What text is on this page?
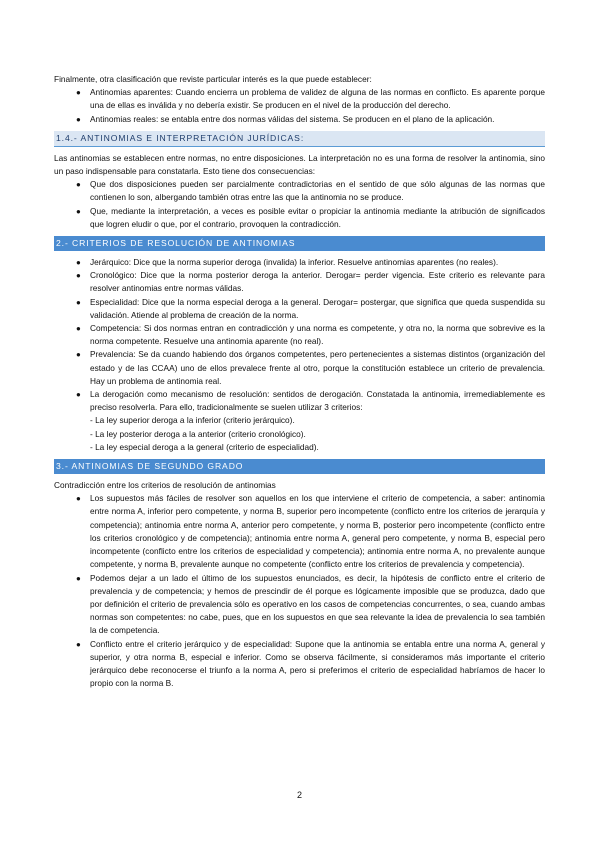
Finalmente, otra clasificación que reviste particular interés es la que puede establecer:

● Antinomias aparentes: Cuando encierra un problema de validez de alguna de las normas en conflicto. Es aparente porque una de ellas es inválida y no debería existir. Se producen en el nivel de la producción del derecho.
● Antinomias reales: se entabla entre dos normas válidas del sistema. Se producen en el plano de la aplicación.
1.4.- ANTINOMIAS E INTERPRETACIÓN JURÍDICAS:

Las antinomias se establecen entre normas, no entre disposiciones. La interpretación no es una forma de resolver la antinomia, sino un paso indispensable para constatarla. Esto tiene dos consecuencias:

● Que dos disposiciones pueden ser parcialmente contradictorias en el sentido de que sólo algunas de las normas que contienen lo son, albergando también otras entre las que la antinomia no se produce.
● Que, mediante la interpretación, a veces es posible evitar o propiciar la antinomia mediante la atribución de significados que logren eludir o que, por el contrario, provoquen la contradicción.
2.- CRITERIOS DE RESOLUCIÓN DE ANTINOMIAS
● Jerárquico: Dice que la norma superior deroga (invalida) la inferior. Resuelve antinomias aparentes (no reales).
● Cronológico: Dice que la norma posterior deroga la anterior. Derogar= perder vigencia. Este criterio es relevante para resolver antinomias entre normas válidas.
● Especialidad: Dice que la norma especial deroga a la general. Derogar= postergar, que significa que queda suspendida su validación. Atiende al problema de creación de la norma.
● Competencia: Si dos normas entran en contradicción y una norma es competente, y otra no, la norma que sobrevive es la norma competente. Resuelve una antinomia aparente (no real).
● Prevalencia: Se da cuando habiendo dos órganos competentes, pero pertenecientes a sistemas distintos (organización del estado y de las CCAA) uno de ellos prevalece frente al otro, porque la constitución establece un criterio de prevalencia. Hay un problema de antinomia real.
● La derogación como mecanismo de resolución: sentidos de derogación. Constatada la antinomia, irremediablemente es preciso resolverla. Para ello, tradicionalmente se suelen utilizar 3 criterios:
- La ley superior deroga a la inferior (criterio jerárquico).
- La ley posterior deroga a la anterior (criterio cronológico).
- La ley especial deroga a la general (criterio de especialidad).
3.- ANTINOMIAS DE SEGUNDO GRADO

Contradicción entre los criterios de resolución de antinomias

● Los supuestos más fáciles de resolver son aquellos en los que interviene el criterio de competencia, a saber: antinomia entre norma A, inferior pero competente, y norma B, superior pero incompetente (conflicto entre los criterios de jerarquía y competencia); antinomia entre norma A, anterior pero competente, y norma B, posterior pero incompetente (conflicto entre los criterios cronológico y de competencia); antinomia entre norma A, general pero competente, y norma B, especial pero incompetente (conflicto entre los criterios de especialidad y competencia); antinomia entre norma A, no prevalente aunque competente, y norma B, prevalente aunque no competente (conflicto entre los criterios de prevalencia y competencia).
● Podemos dejar a un lado el último de los supuestos enunciados, es decir, la hipótesis de conflicto entre el criterio de prevalencia y de competencia; y hemos de prescindir de él porque es lógicamente imposible que se produzca, dado que por definición el criterio de prevalencia sólo es operativo en los casos de competencias concurrentes, o sea, cuando ambas normas son competentes: no cabe, pues, que en los supuestos en que sea relevante la idea de prevalencia lo sea también la de competencia.
● Conflicto entre el criterio jerárquico y de especialidad: Supone que la antinomia se entabla entre una norma A, general y superior, y otra norma B, especial e inferior. Como se observa fácilmente, si consideramos más importante el criterio jerárquico debe reconocerse el triunfo a la norma A, pero si preferimos el criterio de especialidad habríamos de hacer lo propio con la norma B.
2
